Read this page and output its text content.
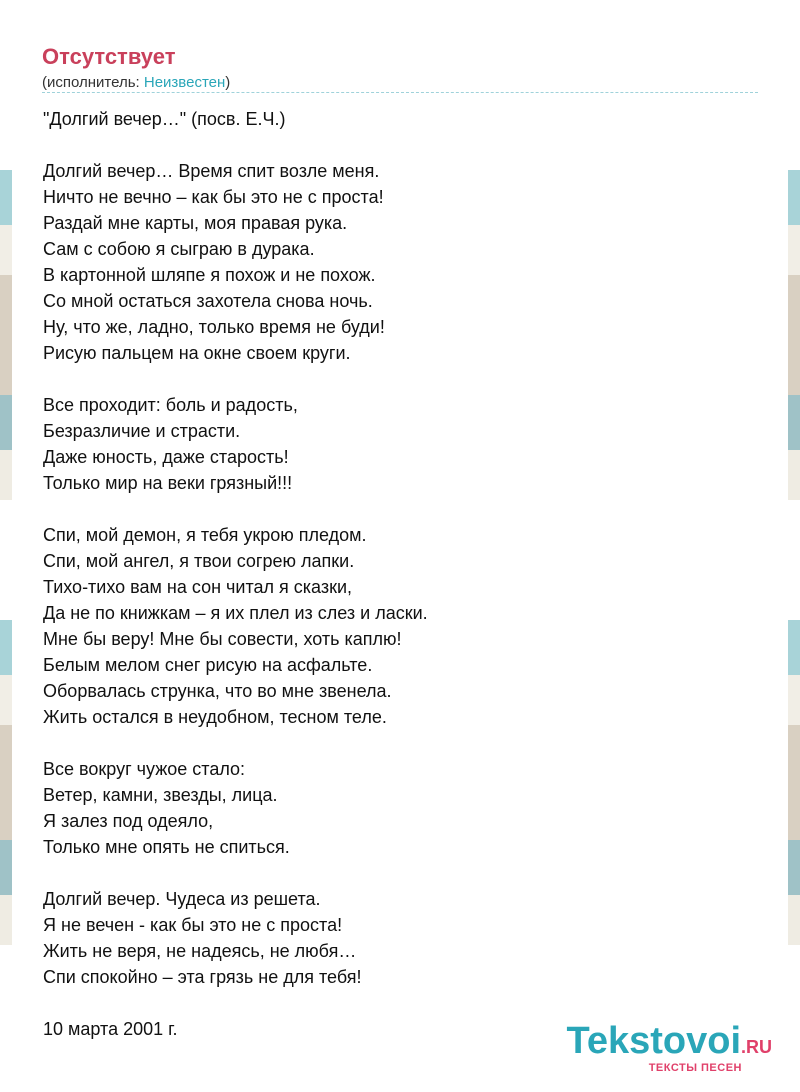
Отсутствует
(исполнитель: Неизвестен)
"Долгий вечер…" (посв. Е.Ч.)
Долгий вечер… Время спит возле меня.
Ничто не вечно – как бы это не с проста!
Раздай мне карты, моя правая рука.
Сам с собою я сыграю в дурака.
В картонной шляпе я похож и не похож.
Со мной остаться захотела снова ночь.
Ну, что же, ладно, только время не буди!
Рисую пальцем на окне своем круги.
Все проходит: боль и радость,
Безразличие и страсти.
Даже юность, даже старость!
Только мир на веки грязный!!!
Спи, мой демон, я тебя укрою пледом.
Спи, мой ангел, я твои согрею лапки.
Тихо-тихо вам на сон читал я сказки,
Да не по книжкам – я их плел из слез и ласки.
Мне бы веру! Мне бы совести, хоть каплю!
Белым мелом снег рисую на асфальте.
Оборвалась струнка, что во мне звенела.
Жить остался в неудобном, тесном теле.
Все вокруг чужое стало:
Ветер, камни, звезды, лица.
Я залез под одеяло,
Только мне опять не спиться.
Долгий вечер. Чудеса из решета.
Я не вечен - как бы это не с проста!
Жить не веря, не надеясь, не любя…
Спи спокойно – эта грязь не для тебя!
10 марта 2001 г.	Tekstovoi.RU
ТЕКСТЫ ПЕСЕН
